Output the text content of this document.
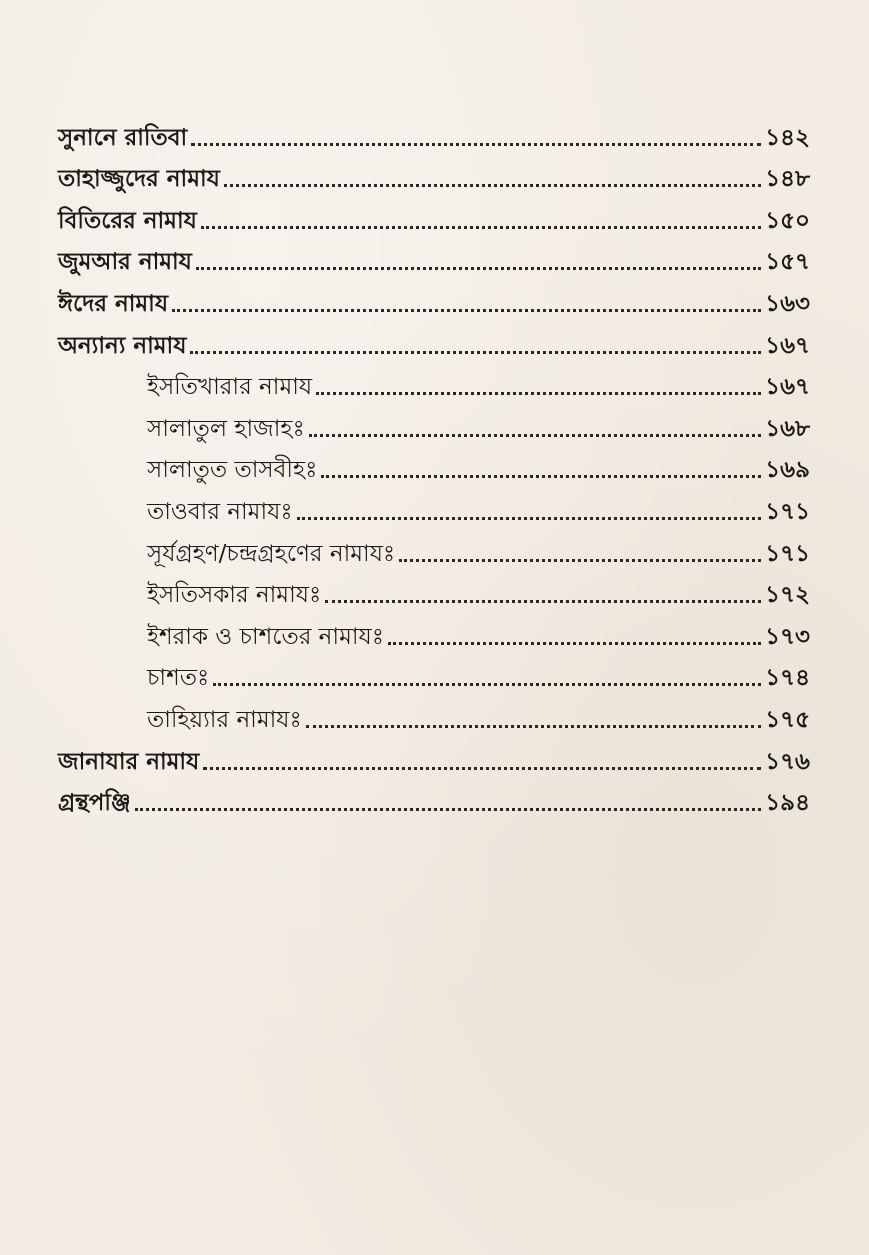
সুনানে রাতিবা	১৪২
তাহাজ্জুদের নামায	১৪৮
বিতিরের নামায	১৫০
জুমআর নামায	১৫৭
ঈদের নামায	১৬৩
অন্যান্য নামায	১৬৭
ইসতিখারার নামায	১৬৭
সালাতুল হাজাহঃ	১৬৮
সালাতুত তাসবীহঃ	১৬৯
তাওবার নামাযঃ	১৭১
সূর্যগ্রহণ/চন্দ্রগ্রহণের নামাযঃ	১৭১
ইসতিসকার নামাযঃ	১৭২
ইশরাক ও চাশতের নামাযঃ	১৭৩
চাশতঃ	১৭৪
তাহিয়্যার নামাযঃ	১৭৫
জানাযার নামায	১৭৬
গ্রন্থপঞ্জি	১৯৪
